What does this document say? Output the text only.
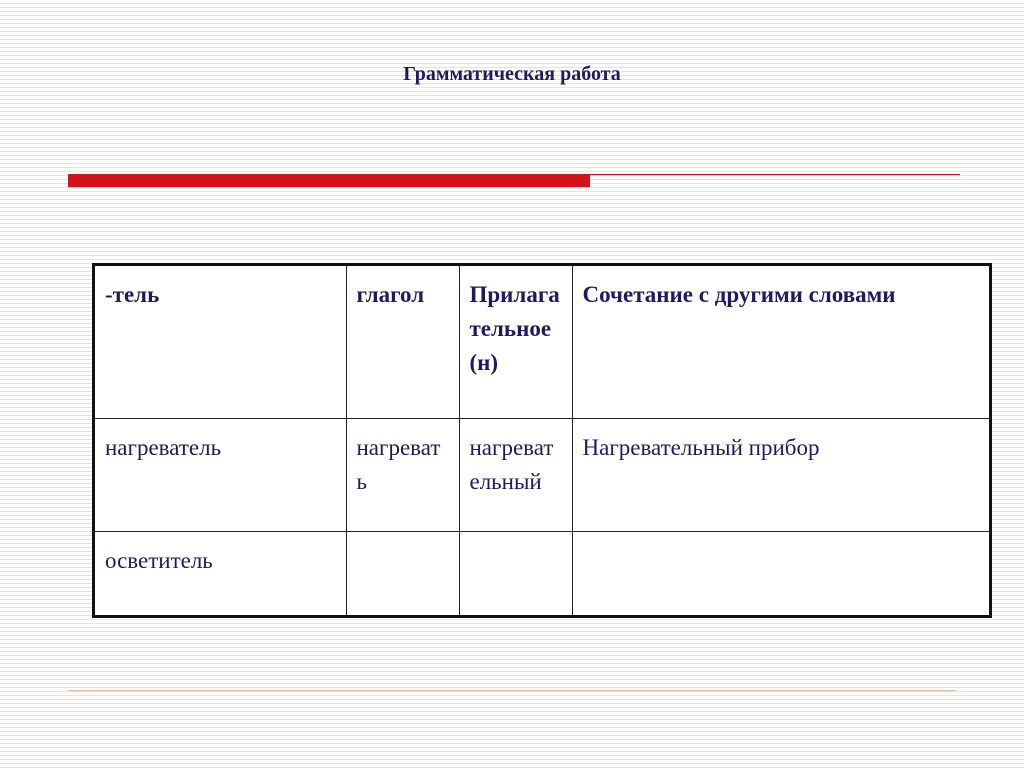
Грамматическая работа
-тель	глагол	Прилагательное (н)	Сочетание с другими словами
нагреватель	нагревать	нагревательный	Нагревательный прибор
осветитель			
